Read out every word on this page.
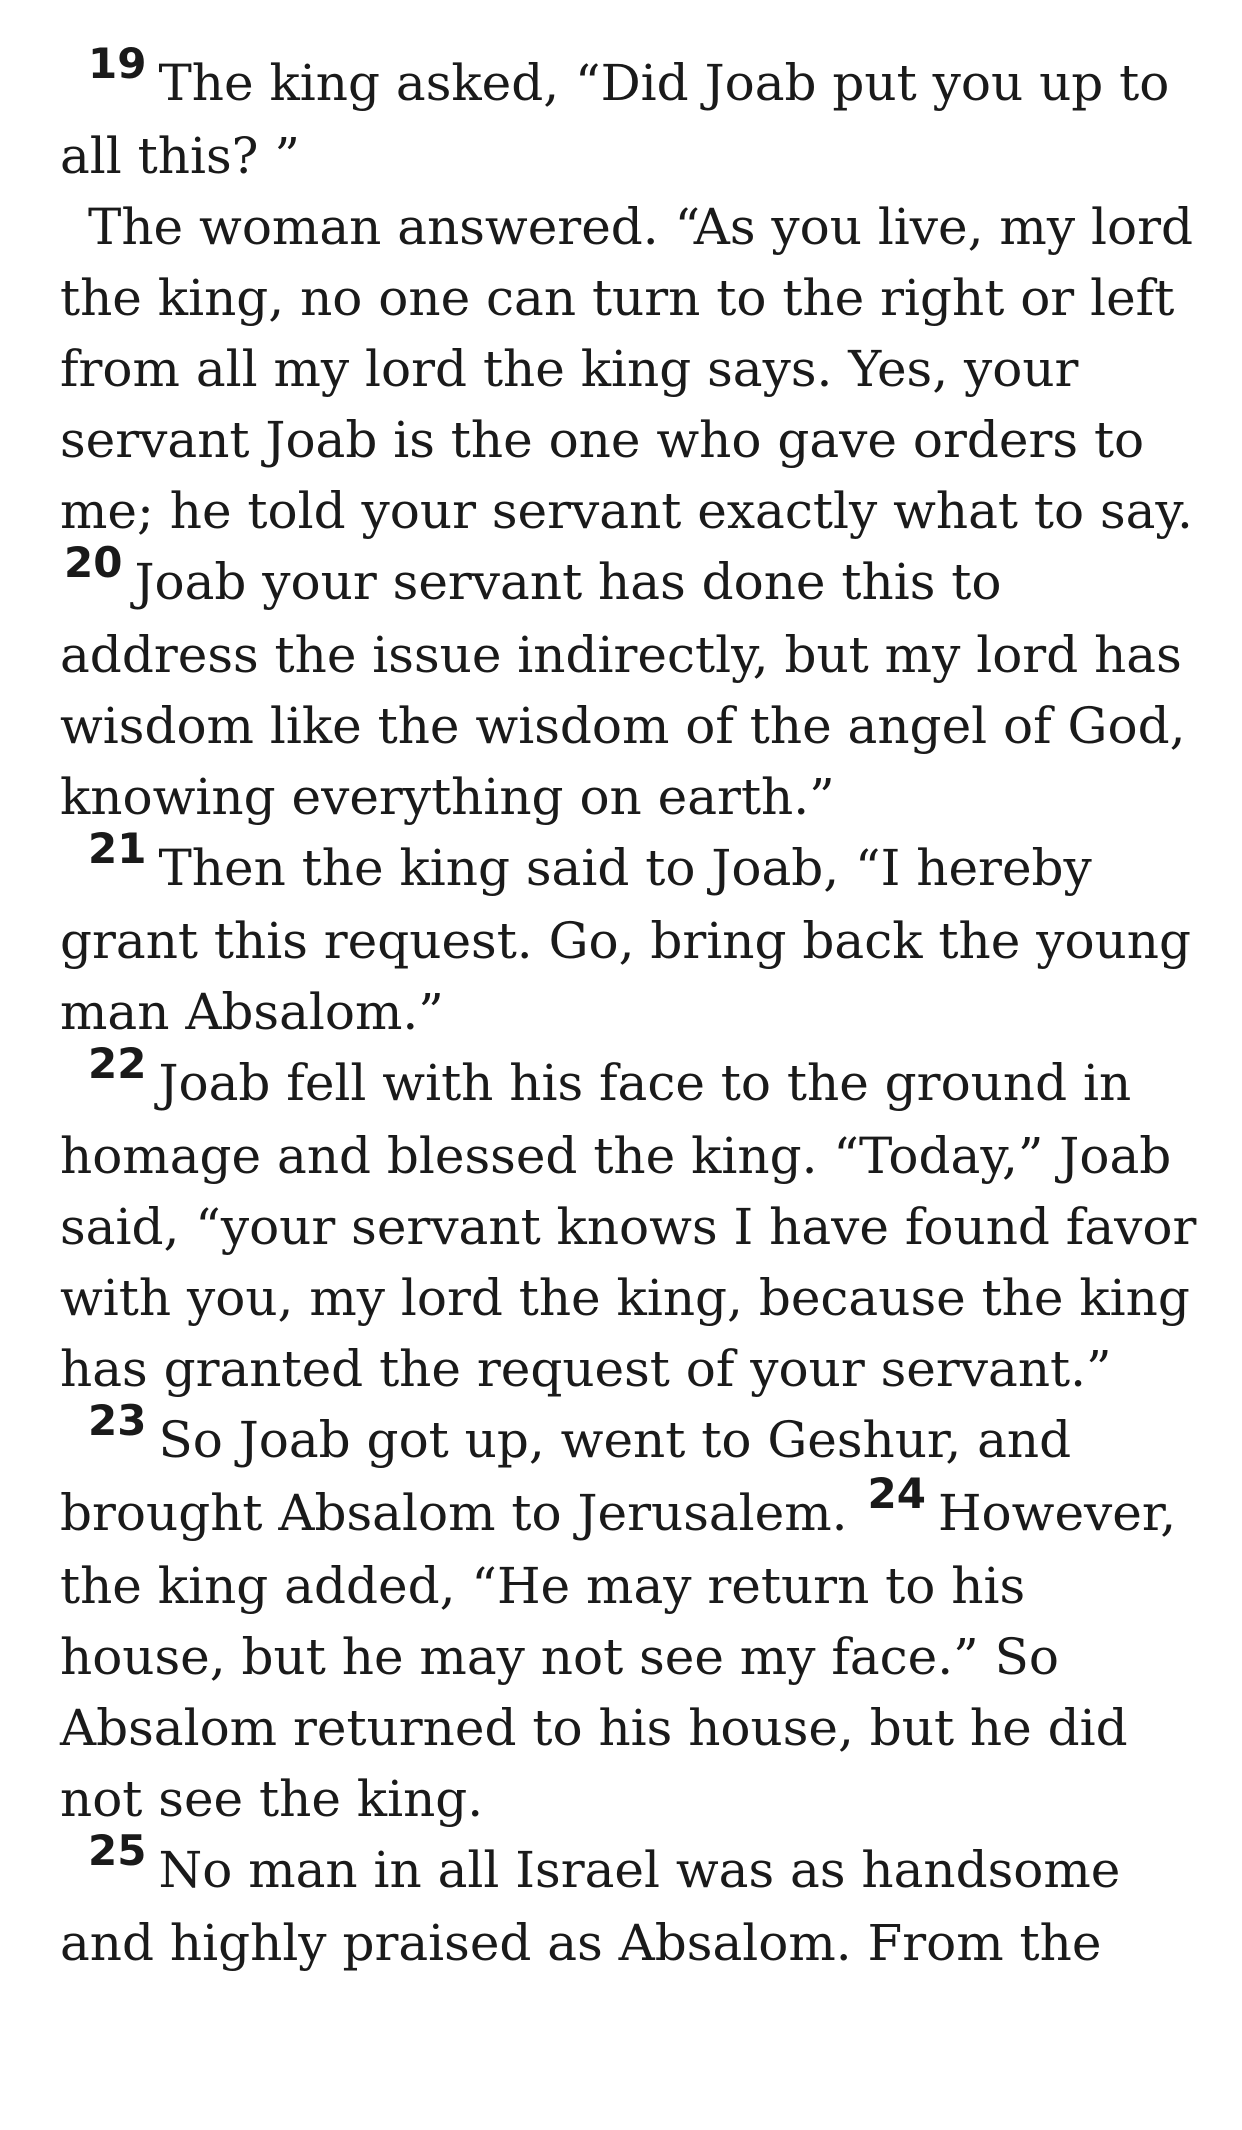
$^{19}$ The king asked, “Did Joab put you up to all this? ”

The woman answered. “As you live, my lord the king, no one can turn to the right or left from all my lord the king says. Yes, your servant Joab is the one who gave orders to me; he told your servant exactly what to say. $^{20}$ Joab your servant has done this to address the issue indirectly, but my lord has wisdom like the wisdom of the angel of God, knowing everything on earth.”

$^{21}$ Then the king said to Joab, “I hereby grant this request. Go, bring back the young man Absalom.”

$^{22}$ Joab fell with his face to the ground in homage and blessed the king. “Today,” Joab said, “your servant knows I have found favor with you, my lord the king, because the king has granted the request of your servant.”

$^{23}$ So Joab got up, went to Geshur, and brought Absalom to Jerusalem. $^{24}$ However, the king added, “He may return to his house, but he may not see my face.” So Absalom returned to his house, but he did not see the king.

$^{25}$ No man in all Israel was as handsome and highly praised as Absalom. From the
